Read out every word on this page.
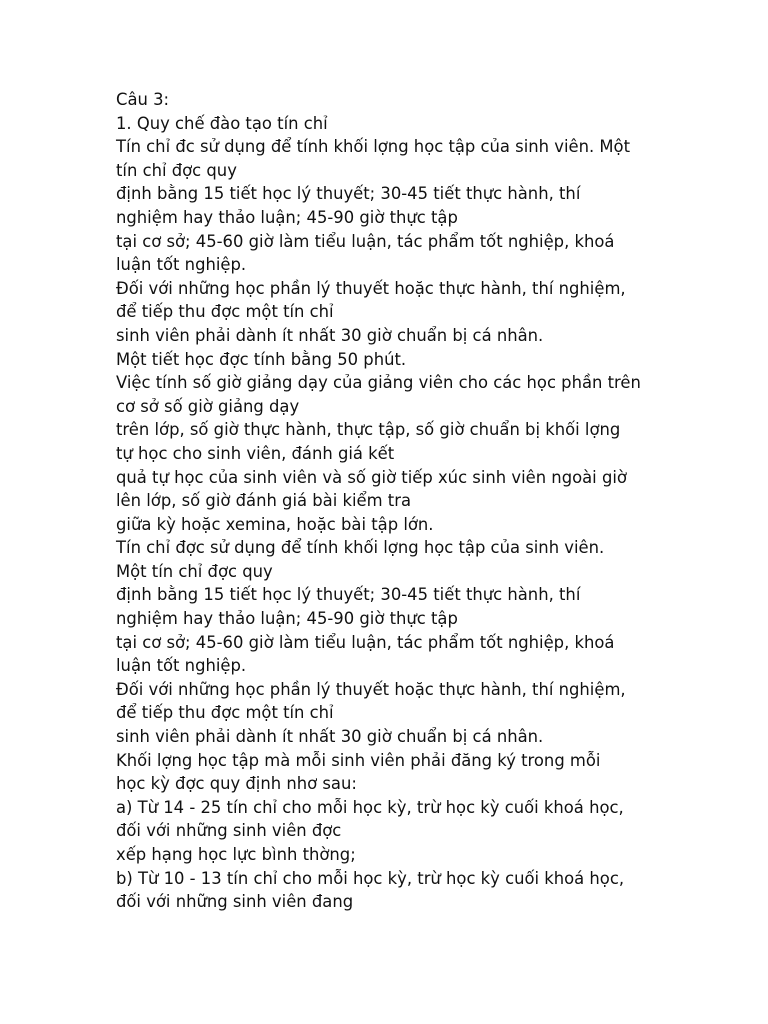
Câu 3:
1. Quy chế đào tạo tín chỉ
Tín chỉ đc sử dụng để tính khối lợng học tập của sinh viên. Một
tín chỉ đợc quy
định bằng 15 tiết học lý thuyết; 30-45 tiết thực hành, thí
nghiệm hay thảo luận; 45-90 giờ thực tập
tại cơ sở; 45-60 giờ làm tiểu luận, tác phẩm tốt nghiệp, khoá
luận tốt nghiệp.
Đối với những học phần lý thuyết hoặc thực hành, thí nghiệm,
để tiếp thu đợc một tín chỉ
sinh viên phải dành ít nhất 30 giờ chuẩn bị cá nhân.
Một tiết học đợc tính bằng 50 phút.
Việc tính số giờ giảng dạy của giảng viên cho các học phần trên
cơ sở số giờ giảng dạy
trên lớp, số giờ thực hành, thực tập, số giờ chuẩn bị khối lợng
tự học cho sinh viên, đánh giá kết
quả tự học của sinh viên và số giờ tiếp xúc sinh viên ngoài giờ
lên lớp, số giờ đánh giá bài kiểm tra
giữa kỳ hoặc xemina, hoặc bài tập lớn.
Tín chỉ đợc sử dụng để tính khối lợng học tập của sinh viên.
Một tín chỉ đợc quy
định bằng 15 tiết học lý thuyết; 30-45 tiết thực hành, thí
nghiệm hay thảo luận; 45-90 giờ thực tập
tại cơ sở; 45-60 giờ làm tiểu luận, tác phẩm tốt nghiệp, khoá
luận tốt nghiệp.
Đối với những học phần lý thuyết hoặc thực hành, thí nghiệm,
để tiếp thu đợc một tín chỉ
sinh viên phải dành ít nhất 30 giờ chuẩn bị cá nhân.
Khối lợng học tập mà mỗi sinh viên phải đăng ký trong mỗi
học kỳ đợc quy định nhơ sau:
a) Từ 14 - 25 tín chỉ cho mỗi học kỳ, trừ học kỳ cuối khoá học,
đối với những sinh viên đợc
xếp hạng học lực bình thờng;
b) Từ 10 - 13 tín chỉ cho mỗi học kỳ, trừ học kỳ cuối khoá học,
đối với những sinh viên đang
